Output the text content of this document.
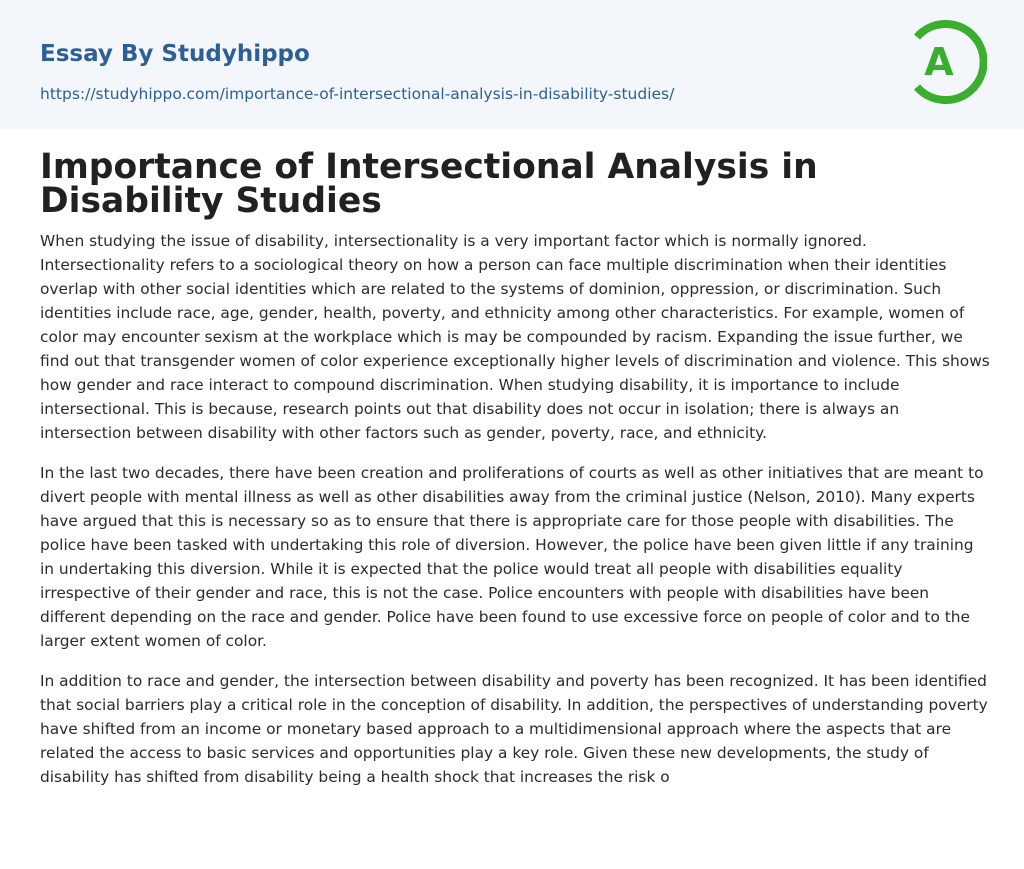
Essay By Studyhippo
https://studyhippo.com/importance-of-intersectional-analysis-in-disability-studies/
A
Importance of Intersectional Analysis in Disability Studies

When studying the issue of disability, intersectionality is a very important factor which is normally ignored. Intersectionality refers to a sociological theory on how a person can face multiple discrimination when their identities overlap with other social identities which are related to the systems of dominion, oppression, or discrimination. Such identities include race, age, gender, health, poverty, and ethnicity among other characteristics. For example, women of color may encounter sexism at the workplace which is may be compounded by racism. Expanding the issue further, we find out that transgender women of color experience exceptionally higher levels of discrimination and violence. This shows how gender and race interact to compound discrimination. When studying disability, it is importance to include intersectional. This is because, research points out that disability does not occur in isolation; there is always an intersection between disability with other factors such as gender, poverty, race, and ethnicity.

In the last two decades, there have been creation and proliferations of courts as well as other initiatives that are meant to divert people with mental illness as well as other disabilities away from the criminal justice (Nelson, 2010). Many experts have argued that this is necessary so as to ensure that there is appropriate care for those people with disabilities. The police have been tasked with undertaking this role of diversion. However, the police have been given little if any training in undertaking this diversion. While it is expected that the police would treat all people with disabilities equality irrespective of their gender and race, this is not the case. Police encounters with people with disabilities have been different depending on the race and gender. Police have been found to use excessive force on people of color and to the larger extent women of color.

In addition to race and gender, the intersection between disability and poverty has been recognized. It has been identified that social barriers play a critical role in the conception of disability. In addition, the perspectives of understanding poverty have shifted from an income or monetary based approach to a multidimensional approach where the aspects that are related the access to basic services and opportunities play a key role. Given these new developments, the study of disability has shifted from disability being a health shock that increases the risk o
